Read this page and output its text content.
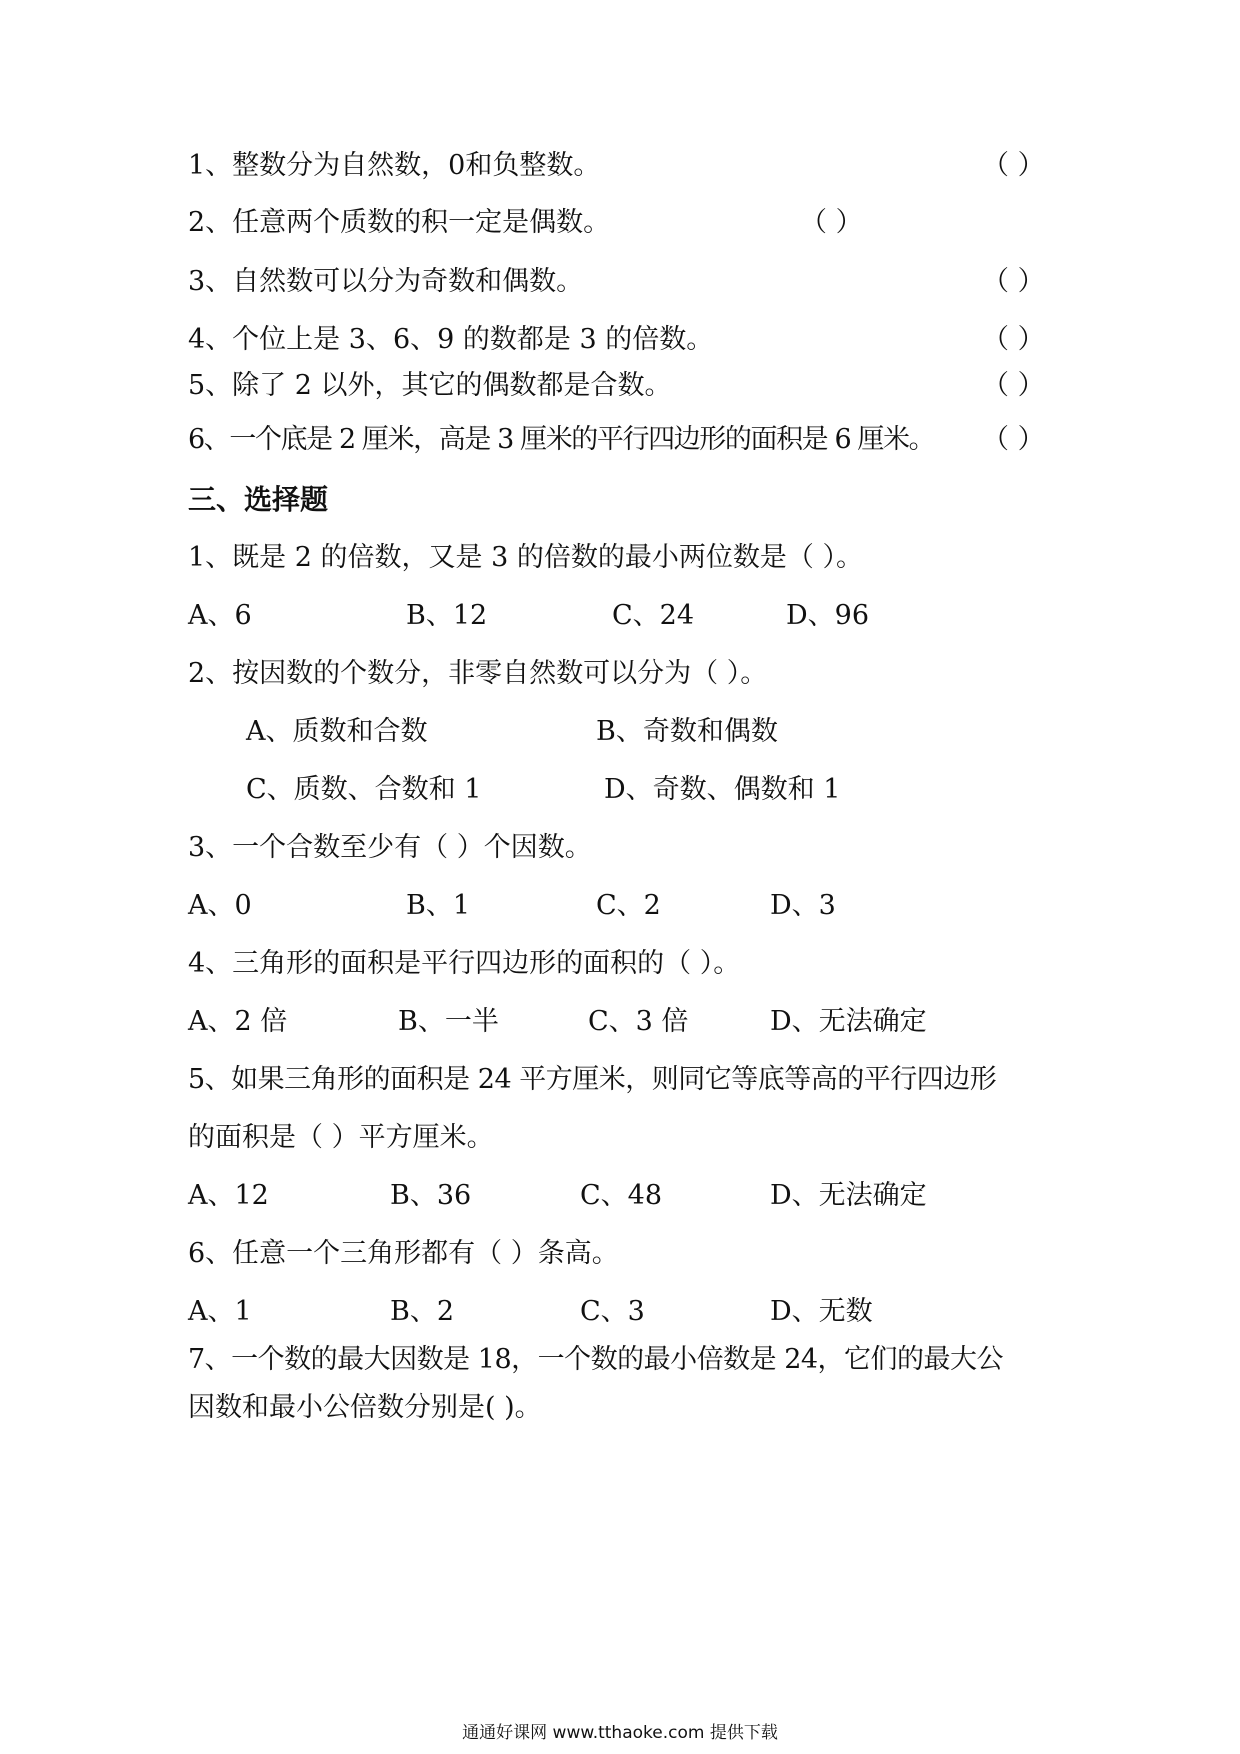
1、整数分为自然数，0和负整数。	（ ）
2、任意两个质数的积一定是偶数。	（ ）
3、自然数可以分为奇数和偶数。	（ ）
4、个位上是 3、6、9 的数都是 3 的倍数。	（ ）
5、除了 2 以外，其它的偶数都是合数。	（ ）
6、一个底是 2 厘米，高是 3 厘米的平行四边形的面积是 6 厘米。 （ ）
三、选择题
1、既是 2 的倍数，又是 3 的倍数的最小两位数是（ ）。
A、6	B、12	C、24	D、96
2、按因数的个数分，非零自然数可以分为（ ）。
A、质数和合数	B、奇数和偶数
C、质数、合数和 1	D、奇数、偶数和 1
3、一个合数至少有（ ）个因数。
A、0	B、1	C、2	D、3
4、三角形的面积是平行四边形的面积的（ ）。
A、2 倍	B、一半	C、3 倍	D、无法确定
5、如果三角形的面积是 24 平方厘米，则同它等底等高的平行四边形
的面积是（ ）平方厘米。
A、12	B、36	C、48	D、无法确定
6、任意一个三角形都有（ ）条高。
A、1	B、2	C、3	D、无数
7、一个数的最大因数是 18，一个数的最小倍数是 24，它们的最大公
因数和最小公倍数分别是( )。
通通好课网 www.tthaoke.com 提供下载
